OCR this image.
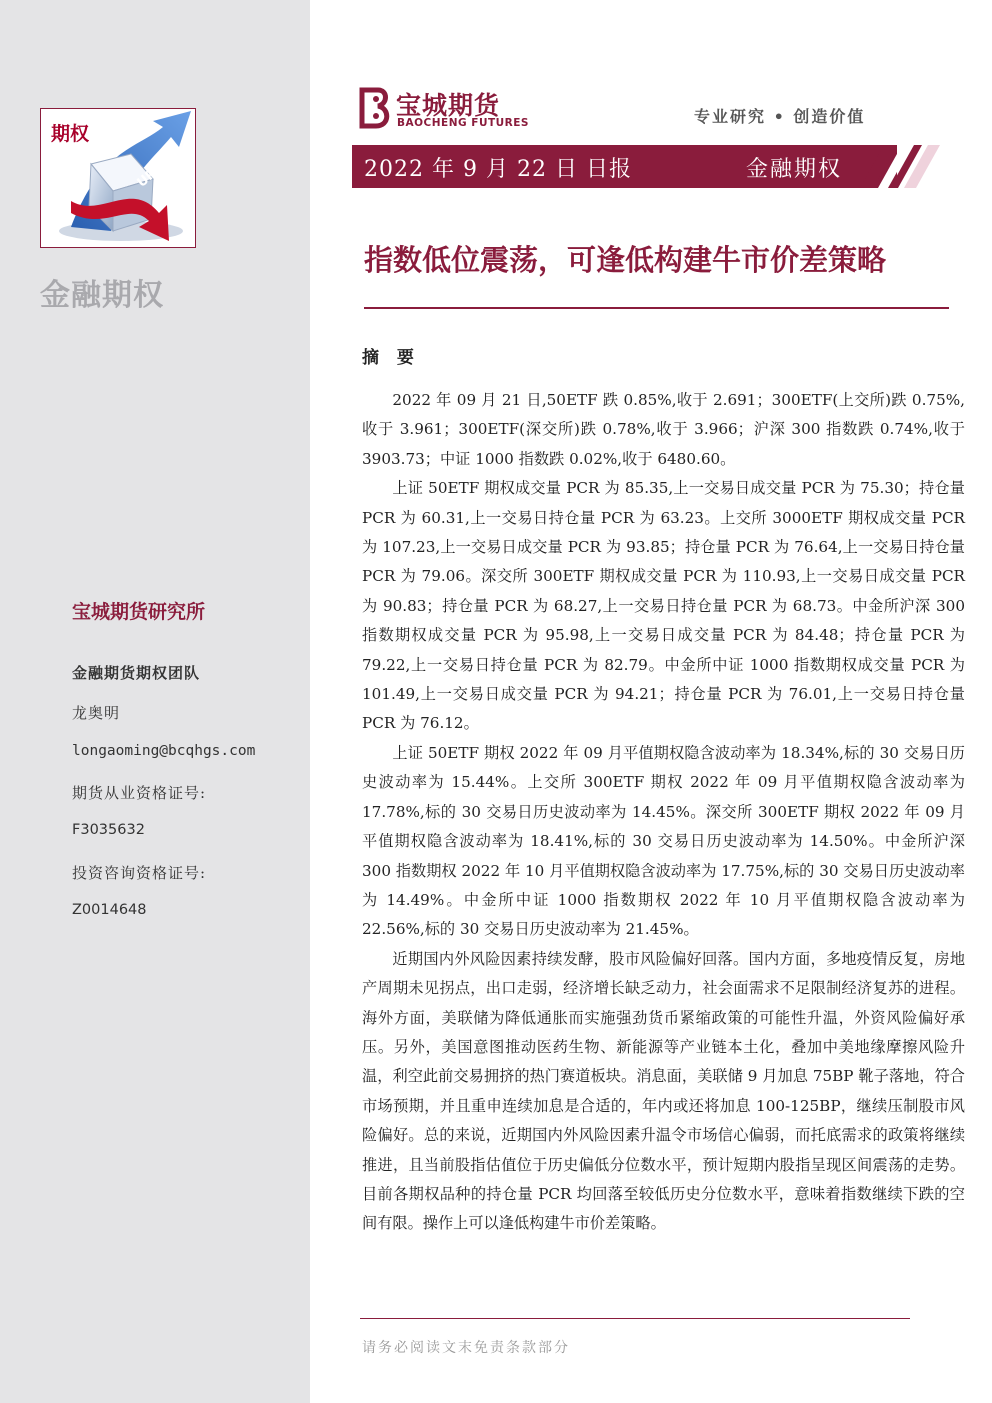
期权
UP
金融期权
宝城期货研究所
金融期货期权团队
龙奥明
longaoming@bcqhgs.com
期货从业资格证号:
F3035632
投资咨询资格证号:
Z0014648
宝城期货
BAOCHENG FUTURES	专业研究 • 创造价值
2022 年 9 月 22 日 日报	金融期权
指数低位震荡，可逢低构建牛市价差策略
摘 要

2022 年 09 月 21 日,50ETF 跌 0.85%,收于 2.691；300ETF(上交所)跌 0.75%,收于 3.961；300ETF(深交所)跌 0.78%,收于 3.966；沪深 300 指数跌 0.74%,收于 3903.73；中证 1000 指数跌 0.02%,收于 6480.60。

上证 50ETF 期权成交量 PCR 为 85.35,上一交易日成交量 PCR 为 75.30；持仓量 PCR 为 60.31,上一交易日持仓量 PCR 为 63.23。上交所 3000ETF 期权成交量 PCR 为 107.23,上一交易日成交量 PCR 为 93.85；持仓量 PCR 为 76.64,上一交易日持仓量 PCR 为 79.06。深交所 300ETF 期权成交量 PCR 为 110.93,上一交易日成交量 PCR 为 90.83；持仓量 PCR 为 68.27,上一交易日持仓量 PCR 为 68.73。中金所沪深 300 指数期权成交量 PCR 为 95.98,上一交易日成交量 PCR 为 84.48；持仓量 PCR 为 79.22,上一交易日持仓量 PCR 为 82.79。中金所中证 1000 指数期权成交量 PCR 为 101.49,上一交易日成交量 PCR 为 94.21；持仓量 PCR 为 76.01,上一交易日持仓量 PCR 为 76.12。

上证 50ETF 期权 2022 年 09 月平值期权隐含波动率为 18.34%,标的 30 交易日历史波动率为 15.44%。上交所 300ETF 期权 2022 年 09 月平值期权隐含波动率为 17.78%,标的 30 交易日历史波动率为 14.45%。深交所 300ETF 期权 2022 年 09 月平值期权隐含波动率为 18.41%,标的 30 交易日历史波动率为 14.50%。中金所沪深 300 指数期权 2022 年 10 月平值期权隐含波动率为 17.75%,标的 30 交易日历史波动率为 14.49%。中金所中证 1000 指数期权 2022 年 10 月平值期权隐含波动率为 22.56%,标的 30 交易日历史波动率为 21.45%。

近期国内外风险因素持续发酵，股市风险偏好回落。国内方面，多地疫情反复，房地产周期未见拐点，出口走弱，经济增长缺乏动力，社会面需求不足限制经济复苏的进程。海外方面，美联储为降低通胀而实施强劲货币紧缩政策的可能性升温，外资风险偏好承压。另外，美国意图推动医药生物、新能源等产业链本土化，叠加中美地缘摩擦风险升温，利空此前交易拥挤的热门赛道板块。消息面，美联储 9 月加息 75BP 靴子落地，符合市场预期，并且重申连续加息是合适的，年内或还将加息 100-125BP，继续压制股市风险偏好。总的来说，近期国内外风险因素升温令市场信心偏弱，而托底需求的政策将继续推进，且当前股指估值位于历史偏低分位数水平，预计短期内股指呈现区间震荡的走势。目前各期权品种的持仓量 PCR 均回落至较低历史分位数水平，意味着指数继续下跌的空间有限。操作上可以逢低构建牛市价差策略。

请务必阅读文末免责条款部分
